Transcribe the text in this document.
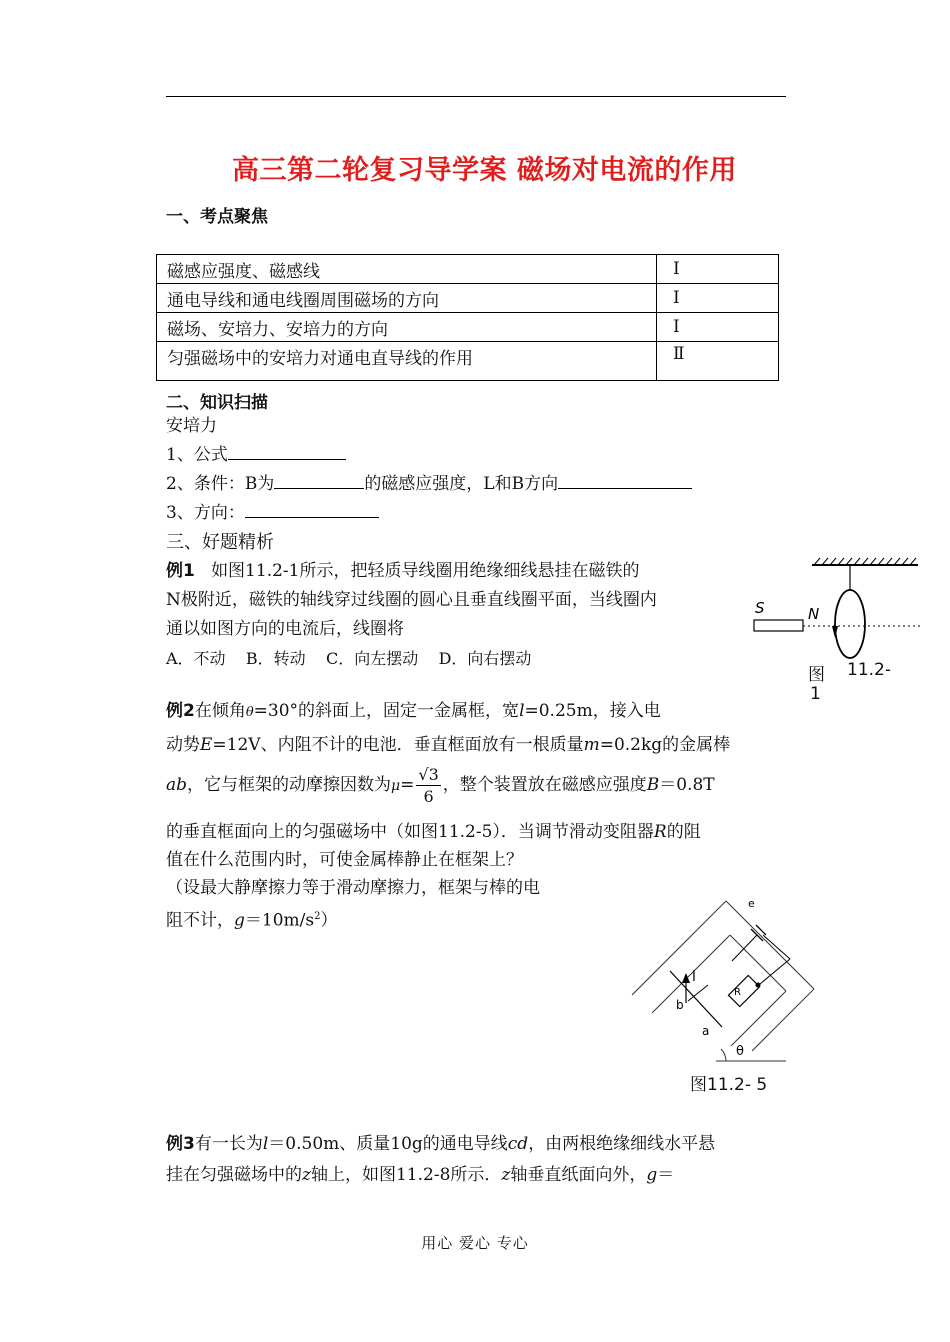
高三第二轮复习导学案 磁场对电流的作用
一、考点聚焦
磁感应强度、磁感线	Ⅰ
通电导线和通电线圈周围磁场的方向	Ⅰ
磁场、安培力、安培力的方向	Ⅰ
匀强磁场中的安培力对通电直导线的作用	Ⅱ
二、知识扫描
安培力
1、公式
2、条件：B为	的磁感应强度，L和B方向
3、方向：
三、好题精析
例1 如图11.2-1所示，把轻质导线圈用绝缘细线悬挂在磁铁的
N极附近，磁铁的轴线穿过线圈的圆心且垂直线圈平面，当线圈内
通以如图方向的电流后，线圈将
A．不动    B．转动    C．向左摆动    D．向右摆动
S	N
图 11.2-
1
例2在倾角θ=30°的斜面上，固定一金属框，宽l=0.25m，接入电
动势E=12V、内阻不计的电池．垂直框面放有一根质量m=0.2kg的金属棒
ab，它与框架的动摩擦因数为$\mu= \frac{√3}{6}$ ，整个装置放在磁感应强度B＝0.8T
的垂直框面向上的匀强磁场中（如图11.2-5）．当调节滑动变阻器R的阻
值在什么范围内时，可使金属棒静止在框架上？
（设最大静摩擦力等于滑动摩擦力，框架与棒的电
阻不计，$g=10m/s^2$）
e
l
b
a
R
θ
图11.2- 5
例3有一长为l＝0.50m、质量10g的通电导线cd，由两根绝缘细线水平悬
挂在匀强磁场中的z轴上，如图11.2-8所示．z轴垂直纸面向外，g＝
用心 爱心 专心
